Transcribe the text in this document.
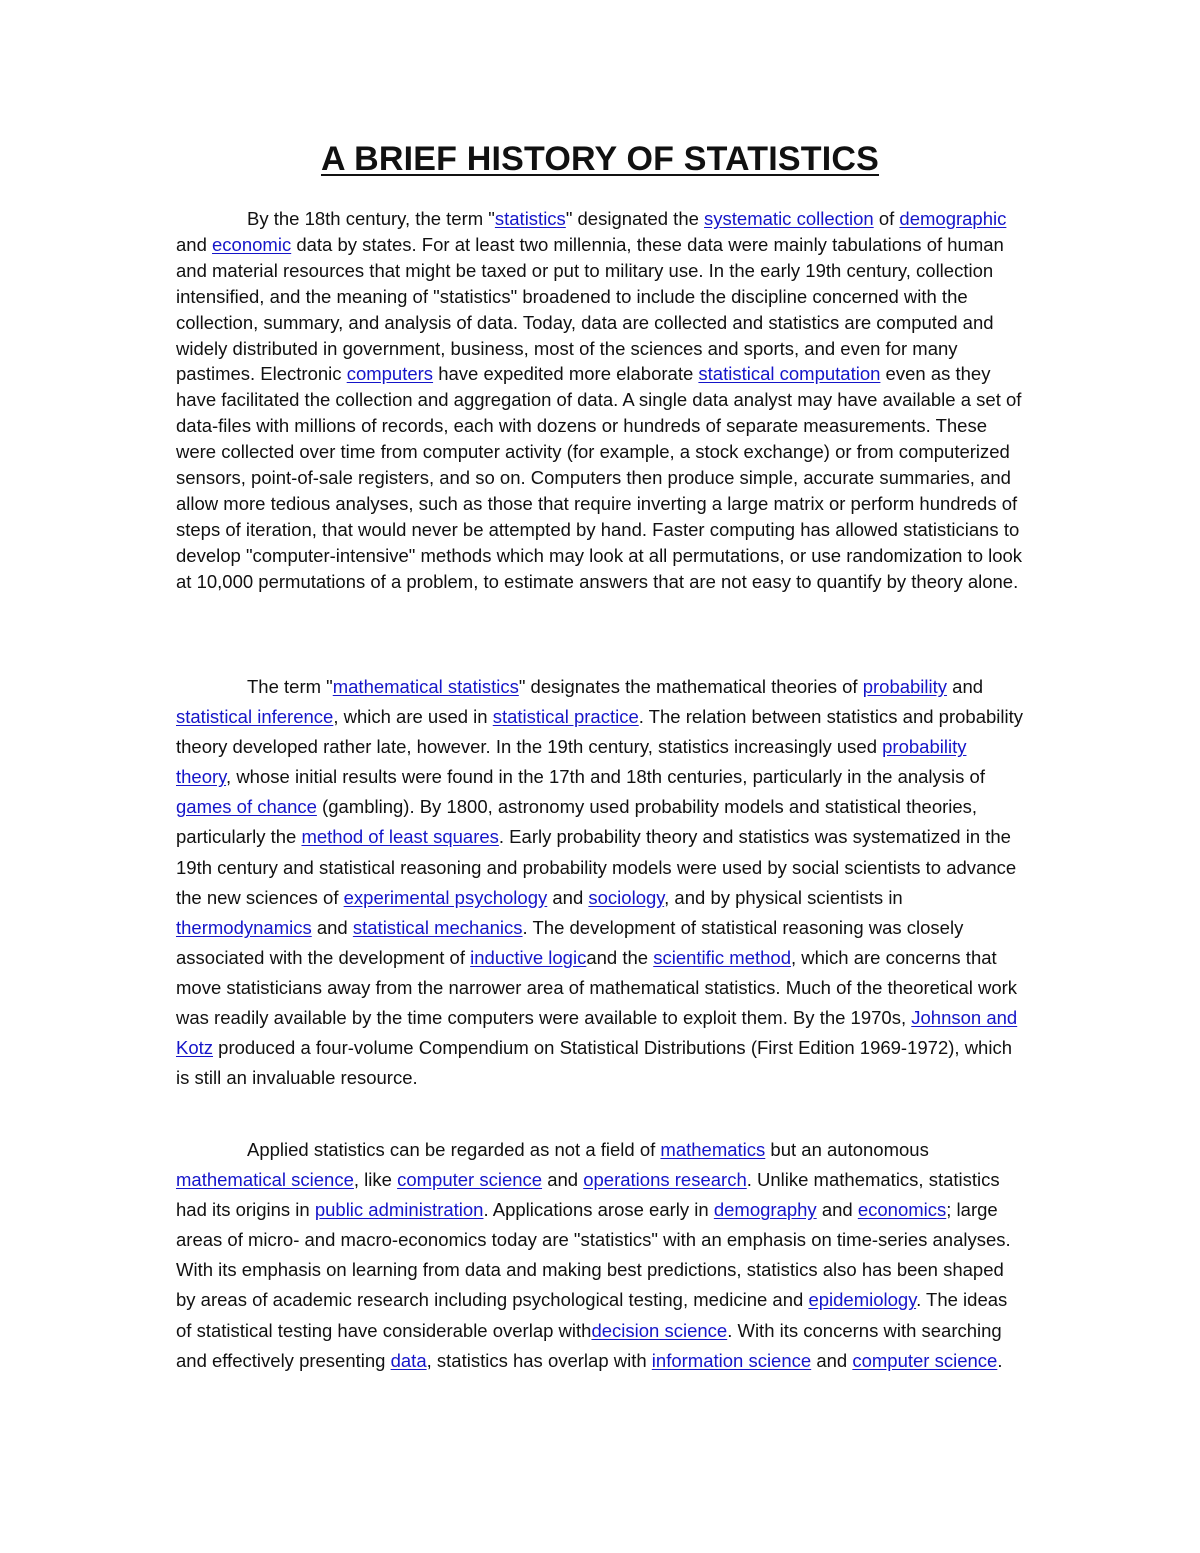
A BRIEF HISTORY OF STATISTICS

By the 18th century, the term "statistics" designated the systematic collection of demographic and economic data by states. For at least two millennia, these data were mainly tabulations of human and material resources that might be taxed or put to military use. In the early 19th century, collection intensified, and the meaning of "statistics" broadened to include the discipline concerned with the collection, summary, and analysis of data. Today, data are collected and statistics are computed and widely distributed in government, business, most of the sciences and sports, and even for many pastimes. Electronic computers have expedited more elaborate statistical computation even as they have facilitated the collection and aggregation of data. A single data analyst may have available a set of data-files with millions of records, each with dozens or hundreds of separate measurements. These were collected over time from computer activity (for example, a stock exchange) or from computerized sensors, point-of-sale registers, and so on. Computers then produce simple, accurate summaries, and allow more tedious analyses, such as those that require inverting a large matrix or perform hundreds of steps of iteration, that would never be attempted by hand. Faster computing has allowed statisticians to develop "computer-intensive" methods which may look at all permutations, or use randomization to look at 10,000 permutations of a problem, to estimate answers that are not easy to quantify by theory alone.

The term "mathematical statistics" designates the mathematical theories of probability and statistical inference, which are used in statistical practice. The relation between statistics and probability theory developed rather late, however. In the 19th century, statistics increasingly used probability theory, whose initial results were found in the 17th and 18th centuries, particularly in the analysis of games of chance (gambling). By 1800, astronomy used probability models and statistical theories, particularly the method of least squares. Early probability theory and statistics was systematized in the 19th century and statistical reasoning and probability models were used by social scientists to advance the new sciences of experimental psychology and sociology, and by physical scientists in thermodynamics and statistical mechanics. The development of statistical reasoning was closely associated with the development of inductive logicand the scientific method, which are concerns that move statisticians away from the narrower area of mathematical statistics. Much of the theoretical work was readily available by the time computers were available to exploit them. By the 1970s, Johnson and Kotz produced a four-volume Compendium on Statistical Distributions (First Edition 1969-1972), which is still an invaluable resource.

Applied statistics can be regarded as not a field of mathematics but an autonomous mathematical science, like computer science and operations research. Unlike mathematics, statistics had its origins in public administration. Applications arose early in demography and economics; large areas of micro- and macro-economics today are "statistics" with an emphasis on time-series analyses. With its emphasis on learning from data and making best predictions, statistics also has been shaped by areas of academic research including psychological testing, medicine and epidemiology. The ideas of statistical testing have considerable overlap withdecision science. With its concerns with searching and effectively presenting data, statistics has overlap with information science and computer science.
